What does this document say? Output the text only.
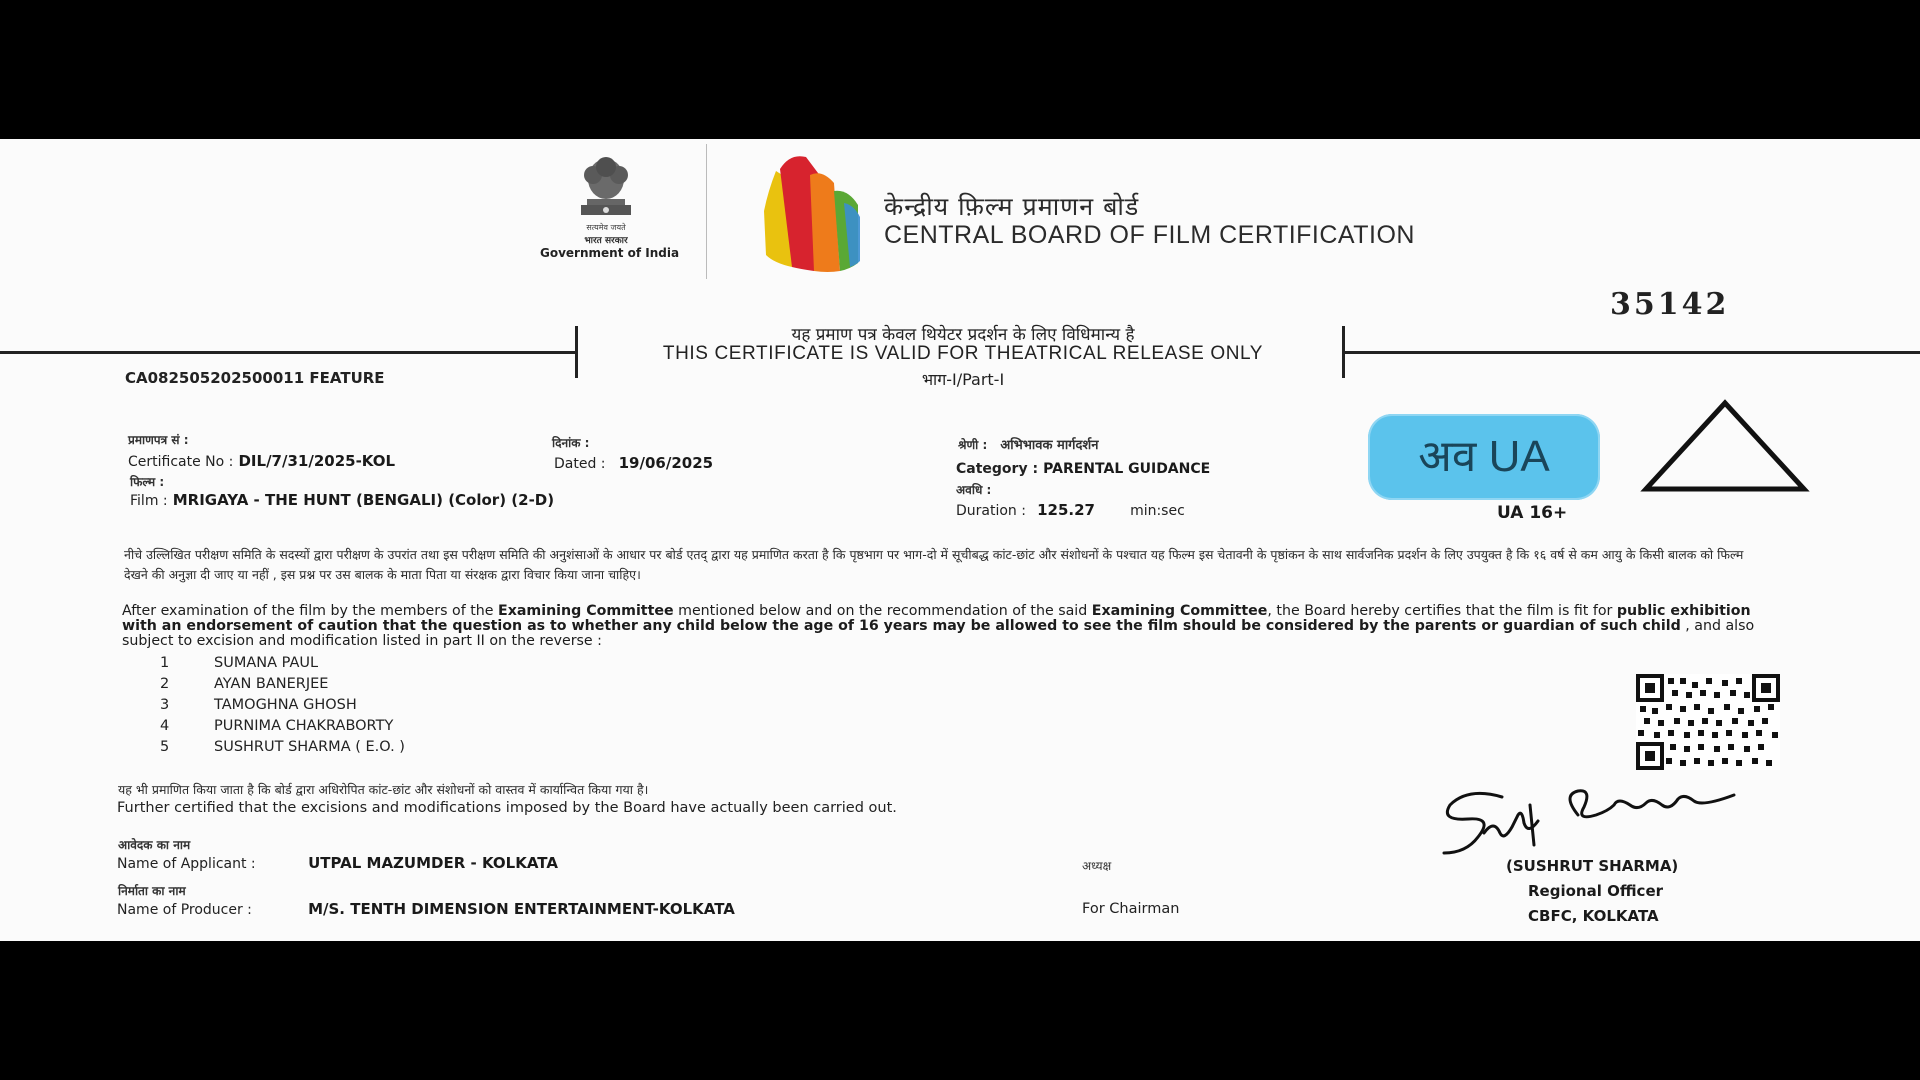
सत्यमेव जयते
भारत सरकार
Government of India
केन्द्रीय फ़िल्म प्रमाणन बोर्ड
CENTRAL BOARD OF FILM CERTIFICATION
35142
यह प्रमाण पत्र केवल थियेटर प्रदर्शन के लिए विधिमान्य है
THIS CERTIFICATE IS VALID FOR THEATRICAL RELEASE ONLY
भाग-I/Part-I
CA082505202500011 FEATURE
प्रमाणपत्र सं :
Certificate No : DIL/7/31/2025-KOL
दिनांक :
Dated : 19/06/2025
फिल्म :
Film : MRIGAYA - THE HUNT (BENGALI) (Color) (2-D)
श्रेणी : अभिभावक मार्गदर्शन
Category : PARENTAL GUIDANCE
अवधि :
Duration : 125.27	min:sec
अव UA
UA 16+
नीचे उल्लिखित परीक्षण समिति के सदस्यों द्वारा परीक्षण के उपरांत तथा इस परीक्षण समिति की अनुशंसाओं के आधार पर बोर्ड एतद् द्वारा यह प्रमाणित करता है कि पृष्ठभाग पर भाग-दो में सूचीबद्ध कांट-छांट और संशोधनों के पश्चात यह फिल्म इस चेतावनी के पृष्ठांकन के साथ सार्वजनिक प्रदर्शन के लिए उपयुक्त है कि १६ वर्ष से कम आयु के किसी बालक को फिल्म देखने की अनुज्ञा दी जाए या नहीं , इस प्रश्न पर उस बालक के माता पिता या संरक्षक द्वारा विचार किया जाना चाहिए।
After examination of the film by the members of the Examining Committee mentioned below and on the recommendation of the said Examining Committee, the Board hereby certifies that the film is fit for public exhibition with an endorsement of caution that the question as to whether any child below the age of 16 years may be allowed to see the film should be considered by the parents or guardian of such child , and also subject to excision and modification listed in part II on the reverse :
1	SUMANA PAUL
2	AYAN BANERJEE
3	TAMOGHNA GHOSH
4	PURNIMA CHAKRABORTY
5	SUSHRUT SHARMA ( E.O. )
यह भी प्रमाणित किया जाता है कि बोर्ड द्वारा अधिरोपित कांट-छांट और संशोधनों को वास्तव में कार्यान्वित किया गया है।
Further certified that the excisions and modifications imposed by the Board have actually been carried out.
आवेदक का नाम
Name of Applicant :	UTPAL MAZUMDER - KOLKATA
निर्माता का नाम
Name of Producer :	M/S. TENTH DIMENSION ENTERTAINMENT-KOLKATA
अध्यक्ष
For Chairman
(SUSHRUT SHARMA)
Regional Officer
CBFC, KOLKATA
